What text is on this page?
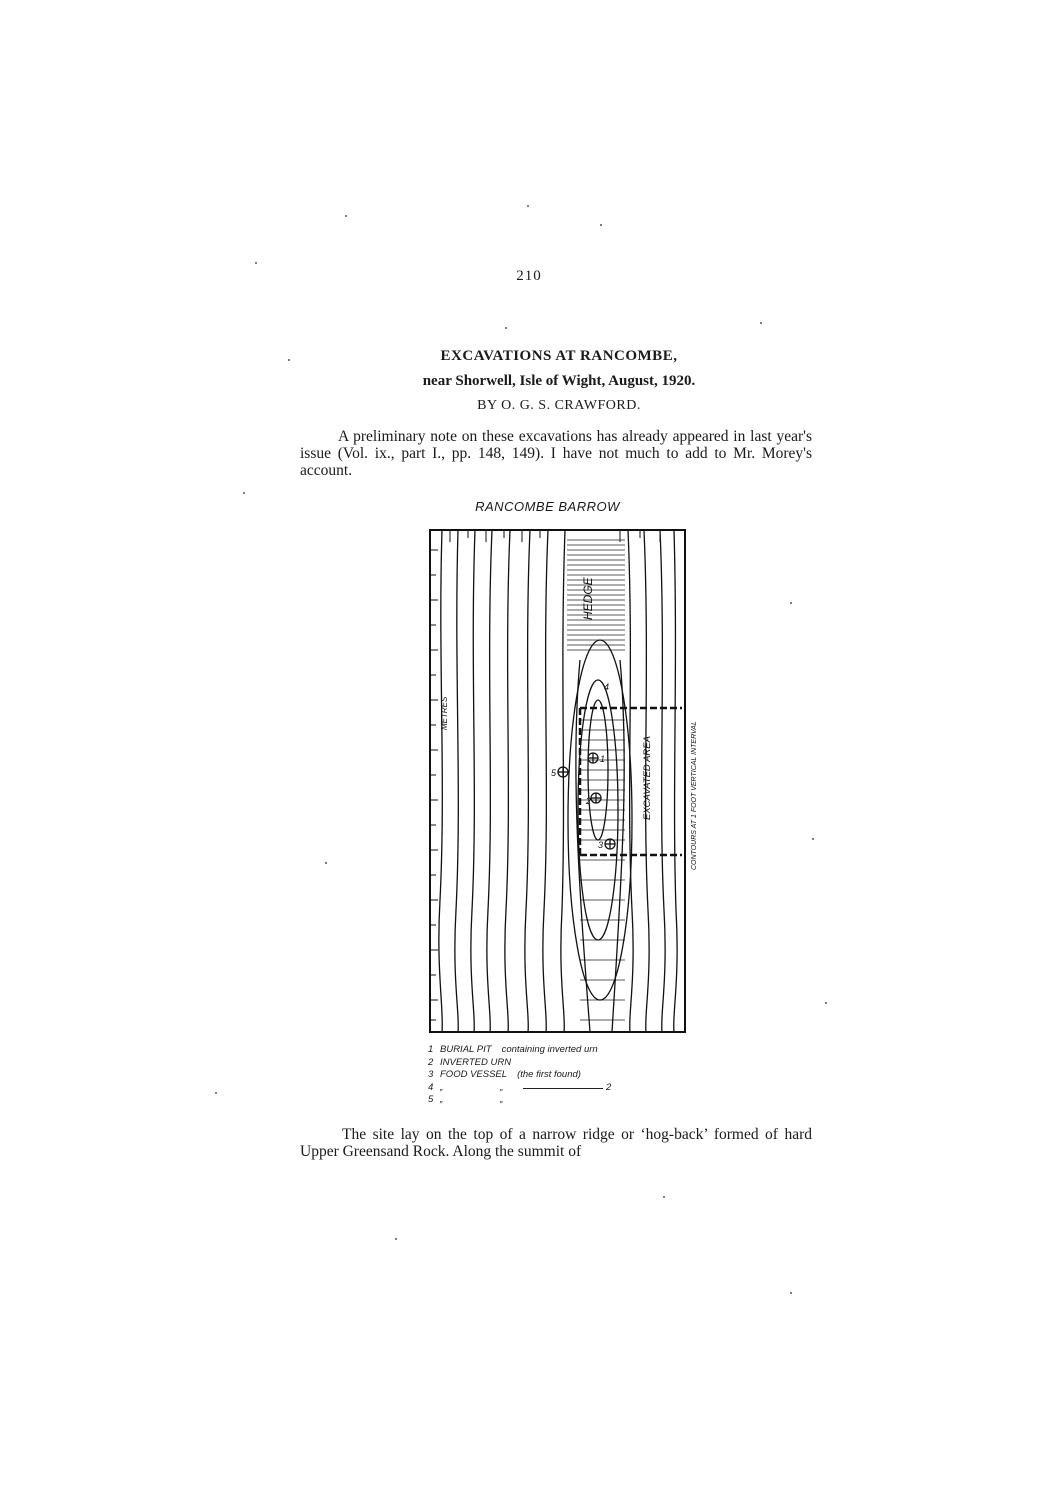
210
EXCAVATIONS AT RANCOMBE,
near Shorwell, Isle of Wight, August, 1920.
BY O. G. S. CRAWFORD.
A preliminary note on these excavations has already appeared in last year's issue (Vol. ix., part I., pp. 148, 149). I have not much to add to Mr. Morey's account.
RANCOMBE BARROW
1
2
3
4
5
METRES
HEDGE
EXCAVATED AREA	CONTOURS AT 1 FOOT VERTICAL INTERVAL
1 BURIAL PIT containing inverted urn
2 INVERTED URN
3 FOOD VESSEL (the first found)
4 „	„	2
5 „	„
The site lay on the top of a narrow ridge or ‘hog-back’ formed of hard Upper Greensand Rock. Along the summit of
